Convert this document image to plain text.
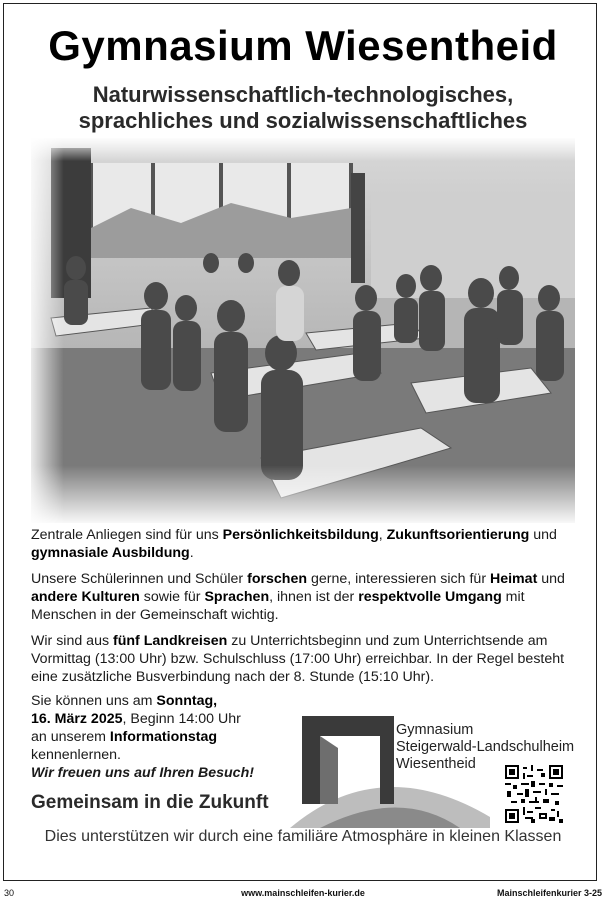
Gymnasium Wiesentheid
Naturwissenschaftlich-technologisches,
sprachliches und sozialwissenschaftliches

Zentrale Anliegen sind für uns Persönlichkeitsbildung, Zukunftsorientierung und gymnasiale Ausbildung.

Unsere Schülerinnen und Schüler forschen gerne, interessieren sich für Heimat und andere Kulturen sowie für Sprachen, ihnen ist der respektvolle Umgang mit Menschen in der Gemeinschaft wichtig.

Wir sind aus fünf Landkreisen zu Unterrichtsbeginn und zum Unterrichtsende am Vormittag (13:00 Uhr) bzw. Schulschluss (17:00 Uhr) erreichbar. In der Regel besteht eine zusätzliche Busverbindung nach der 8. Stunde (15:10 Uhr).

Sie können uns am Sonntag,
16. März 2025, Beginn 14:00 Uhr
an unserem Informationstag
kennenlernen.
Wir freuen uns auf Ihren Besuch!

Gemeinsam in die Zukunft
Gymnasium
Steigerwald-Landschulheim
Wiesentheid
Dies unterstützen wir durch eine familiäre Atmosphäre in kleinen Klassen
30	www.mainschleifen-kurier.de	Mainschleifenkurier 3-25
